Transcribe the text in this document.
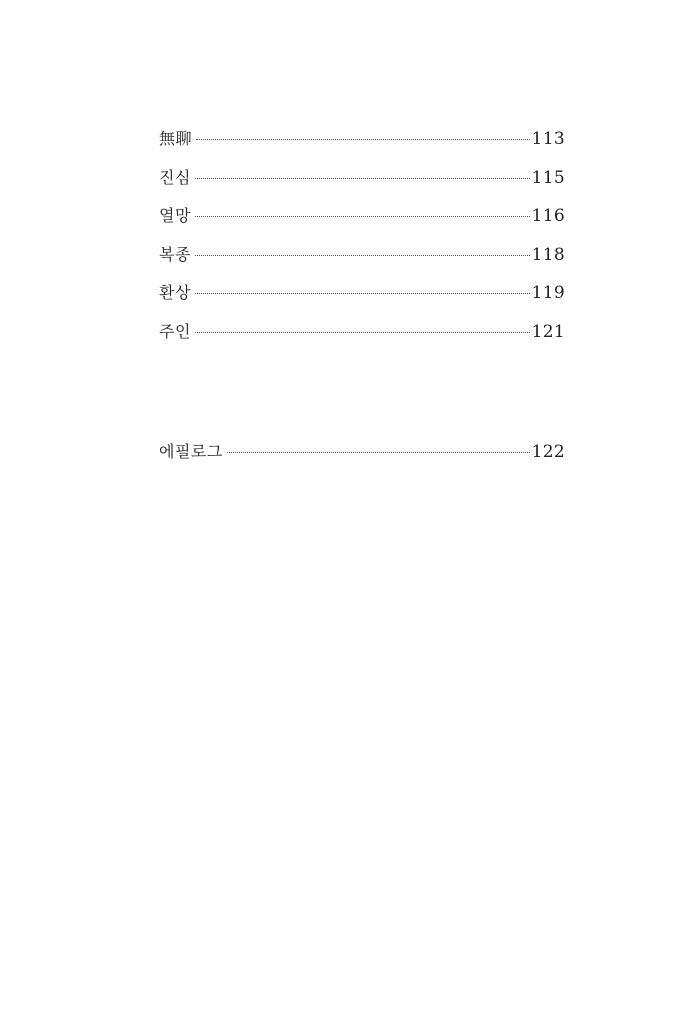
無聊	113
진심	115
열망	116
복종	118
환상	119
주인	121
에필로그	122
